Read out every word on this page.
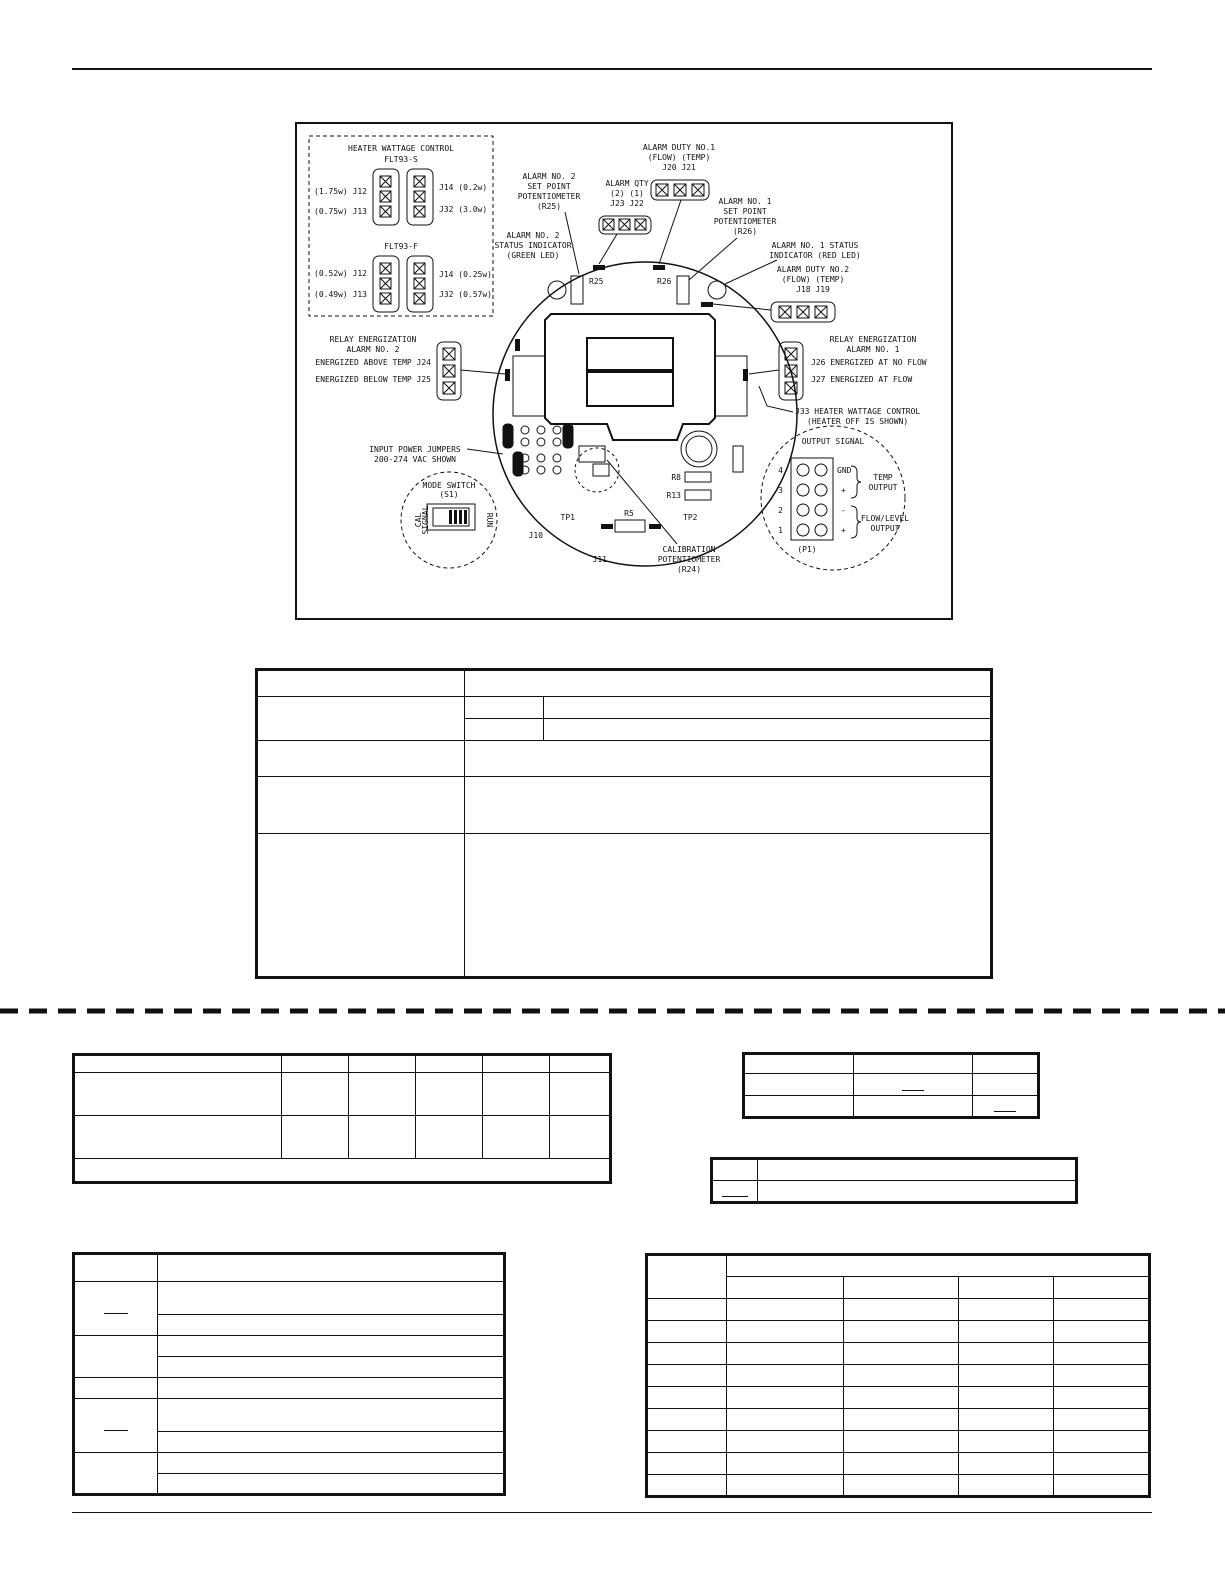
HEATER WATTAGE CONTROL
FLT93-S
FLT93-F
(1.75w) J12
(0.75w) J13
J14 (0.2w)
J32 (3.0w)
(0.52w) J12
(0.49w) J13
J14 (0.25w)
J32 (0.57w)
R25	R26
R8
R13
R5
TP1	TP2
J10
J11
ALARM NO. 2
SET POINT
POTENTIOMETER
(R25)
ALARM QTY
(2) (1)
J23 J22
ALARM DUTY NO.1
(FLOW) (TEMP)
J20 J21
ALARM NO. 1
SET POINT
POTENTIOMETER
(R26)
ALARM NO. 2
STATUS INDICATOR
(GREEN LED)
ALARM NO. 1 STATUS
INDICATOR (RED LED)
ALARM DUTY NO.2
(FLOW) (TEMP)
J18 J19
RELAY ENERGIZATION
ALARM NO. 2
ENERGIZED ABOVE TEMP J24
ENERGIZED BELOW TEMP J25
RELAY ENERGIZATION
ALARM NO. 1
J26 ENERGIZED AT NO FLOW
J27 ENERGIZED AT FLOW
J33 HEATER WATTAGE CONTROL
(HEATER OFF IS SHOWN)
INPUT POWER JUMPERS
200-274 VAC SHOWN
MODE SWITCH
(S1)
CAL
SIGNAL	RUN
OUTPUT SIGNAL
4
3
2
1
GND
+
-
+
TEMP
OUTPUT
FLOW/LEVEL
OUTPUT
(P1)
CALIBRATION
POTENTIOMETER
(R24)
